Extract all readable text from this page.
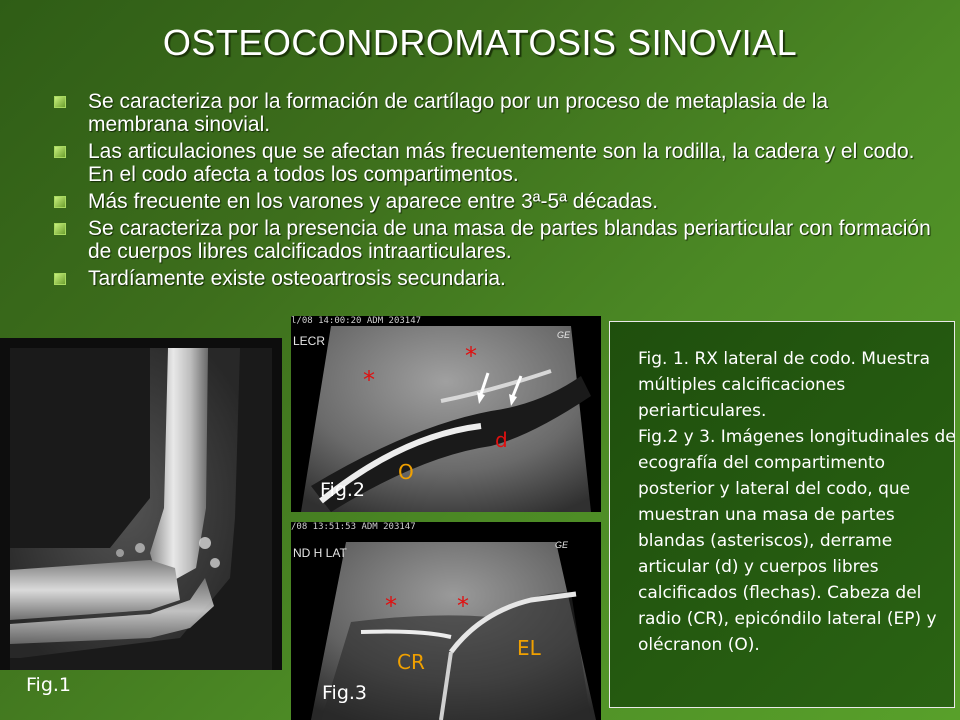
OSTEOCONDROMATOSIS SINOVIAL
Se caracteriza por la formación de cartílago por un proceso de metaplasia de la membrana sinovial.
Las articulaciones que se afectan más frecuentemente son la rodilla, la cadera y el codo. En el codo afecta a todos los compartimentos.
Más frecuente en los varones y aparece entre 3ª-5ª décadas.
Se caracteriza por la presencia de una masa de partes blandas periarticular con formación de cuerpos libres calcificados intraarticulares.
Tardíamente existe osteoartrosis secundaria.
Fig.1
l/08 14:00:20 ADM 203147
LECR	GE
*
*
d
O
Fig.2
/08 13:51:53 ADM 203147
ND H LAT
GE
*	*
CR
EL
Fig.3
Fig. 1. RX lateral de codo. Muestra múltiples calcificaciones periarticulares.
Fig.2 y 3. Imágenes longitudinales de ecografía del compartimento posterior y lateral del codo, que muestran una masa de partes blandas (asteriscos), derrame articular (d) y cuerpos libres calcificados (flechas). Cabeza del radio (CR), epicóndilo lateral (EP) y olécranon (O).
